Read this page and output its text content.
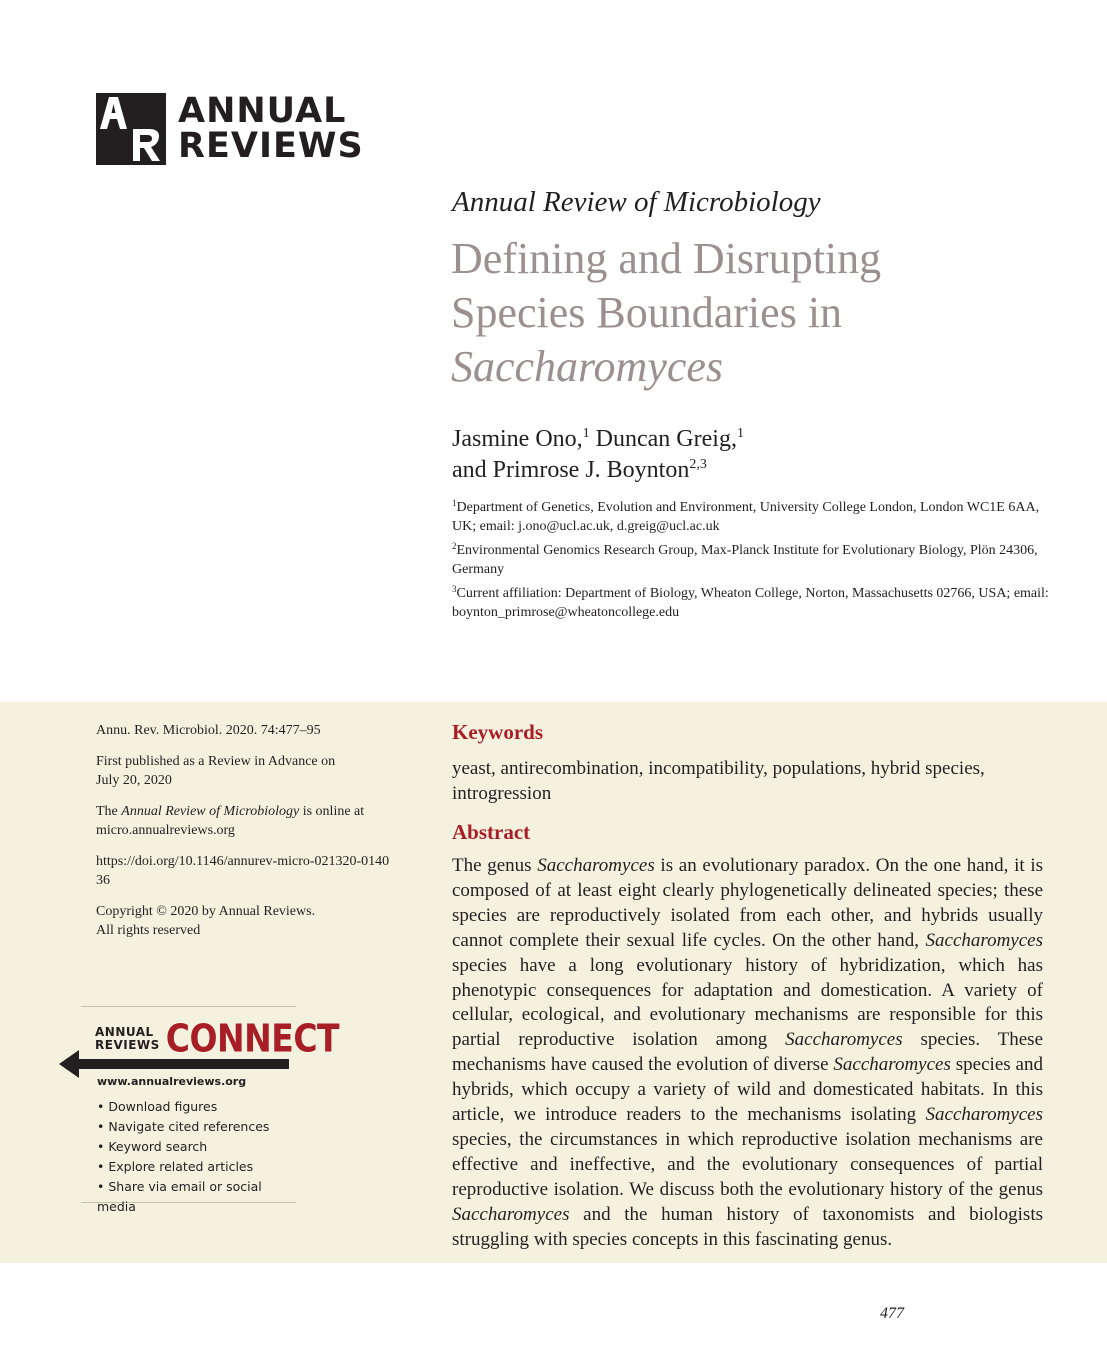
ANNUAL
REVIEWS
Annual Review of Microbiology
Defining and Disrupting
Species Boundaries in
Saccharomyces
Jasmine Ono,$^1$ Duncan Greig,$^1$
and Primrose J. Boynton$^{2,3}$
$^1$Department of Genetics, Evolution and Environment, University College London, London WC1E 6AA, UK; email: j.ono@ucl.ac.uk, d.greig@ucl.ac.uk
$^2$Environmental Genomics Research Group, Max-Planck Institute for Evolutionary Biology, Plön 24306, Germany
$^3$Current affiliation: Department of Biology, Wheaton College, Norton, Massachusetts 02766, USA; email: boynton_primrose@wheatoncollege.edu

Annu. Rev. Microbiol. 2020. 74:477–95

First published as a Review in Advance on July 20, 2020

The Annual Review of Microbiology is online at micro.annualreviews.org

https://doi.org/10.1146/annurev-micro-021320-014036

Copyright © 2020 by Annual Reviews.
All rights reserved

ANNUAL
REVIEWS CONNECT
www.annualreviews.org
• Download figures
• Navigate cited references
• Keyword search
• Explore related articles
• Share via email or social media
Keywords
yeast, antirecombination, incompatibility, populations, hybrid species, introgression
Abstract
The genus Saccharomyces is an evolutionary paradox. On the one hand, it is composed of at least eight clearly phylogenetically delineated species; these species are reproductively isolated from each other, and hybrids usually cannot complete their sexual life cycles. On the other hand, Saccharomyces species have a long evolutionary history of hybridization, which has phenotypic consequences for adaptation and domestication. A variety of cellular, ecological, and evolutionary mechanisms are responsible for this partial reproductive isolation among Saccharomyces species. These mechanisms have caused the evolution of diverse Saccharomyces species and hybrids, which occupy a variety of wild and domesticated habitats. In this article, we introduce readers to the mechanisms isolating Saccharomyces species, the circumstances in which reproductive isolation mechanisms are effective and ineffective, and the evolutionary consequences of partial reproductive isolation. We discuss both the evolutionary history of the genus Saccharomyces and the human history of taxonomists and biologists struggling with species concepts in this fascinating genus.
477
